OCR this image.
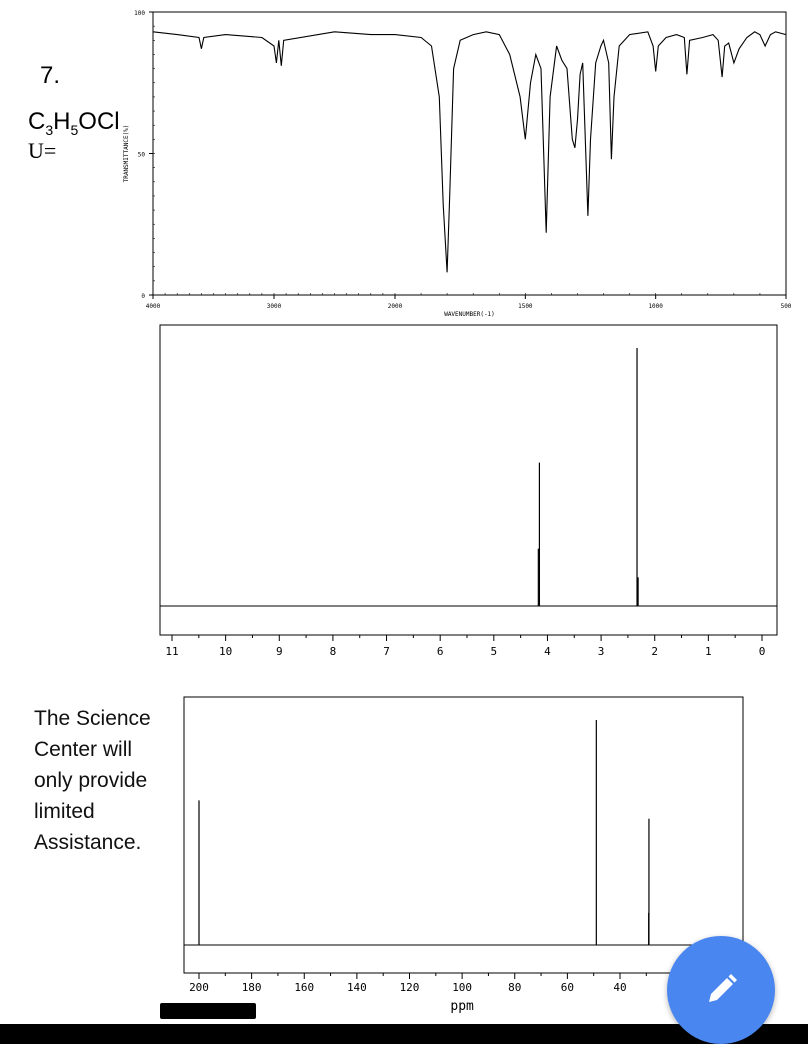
100
50
0
4000	3000	2000	1500	1000	500
WAVENUMBER(-1)
TRANSMITTANCE(%)
11	10	9	8	7	6	5	4	3	2	1	0
200	180	160	140	120	100	80	60	40
ppm
7.
$C_3H_5OCl$
U=
The Science Center will only provide limited Assistance.
